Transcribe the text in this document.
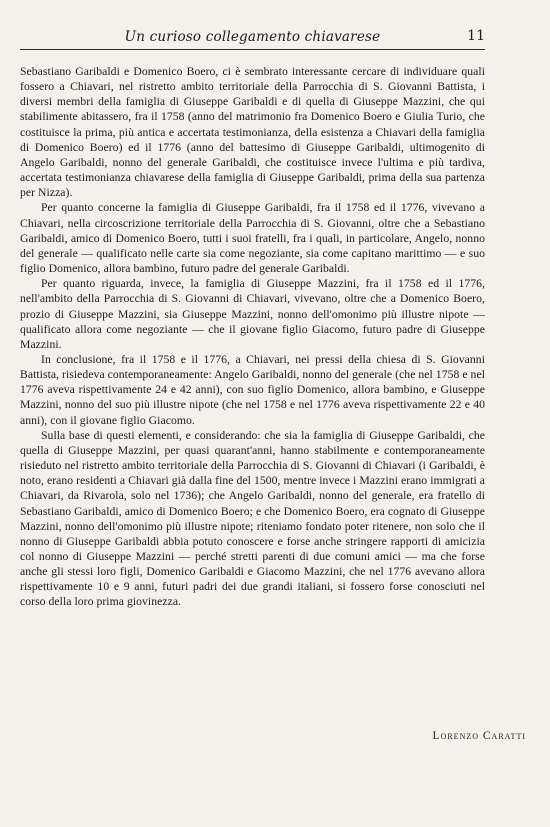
Un curioso collegamento chiavarese	11

Sebastiano Garibaldi e Domenico Boero, ci è sembrato interessante cercare di individuare quali fossero a Chiavari, nel ristretto ambito territoriale della Parrocchia di S. Giovanni Battista, i diversi membri della famiglia di Giuseppe Garibaldi e di quella di Giuseppe Mazzini, che qui stabilimente abitassero, fra il 1758 (anno del matrimonio fra Domenico Boero e Giulia Turio, che costituisce la prima, più antica e accertata testimonianza, della esistenza a Chiavari della famiglia di Domenico Boero) ed il 1776 (anno del battesimo di Giuseppe Garibaldi, ultimogenito di Angelo Garibaldi, nonno del generale Garibaldi, che costituisce invece l'ultima e più tardiva, accertata testimonianza chiavarese della famiglia di Giuseppe Garibaldi, prima della sua partenza per Nizza).

Per quanto concerne la famiglia di Giuseppe Garibaldi, fra il 1758 ed il 1776, vivevano a Chiavari, nella circoscrizione territoriale della Parrocchia di S. Giovanni, oltre che a Sebastiano Garibaldi, amico di Domenico Boero, tutti i suoi fratelli, fra i quali, in particolare, Angelo, nonno del generale — qualificato nelle carte sia come negoziante, sia come capitano marittimo — e suo figlio Domenico, allora bambino, futuro padre del generale Garibaldi.

Per quanto riguarda, invece, la famiglia di Giuseppe Mazzini, fra il 1758 ed il 1776, nell'ambito della Parrocchia di S. Giovanni di Chiavari, vivevano, oltre che a Domenico Boero, prozio di Giuseppe Mazzini, sia Giuseppe Mazzini, nonno dell'omonimo più illustre nipote — qualificato allora come negoziante — che il giovane figlio Giacomo, futuro padre di Giuseppe Mazzini.

In conclusione, fra il 1758 e il 1776, a Chiavari, nei pressi della chiesa di S. Giovanni Battista, risiedeva contemporaneamente: Angelo Garibaldi, nonno del generale (che nel 1758 e nel 1776 aveva rispettivamente 24 e 42 anni), con suo figlio Domenico, allora bambino, e Giuseppe Mazzini, nonno del suo più illustre nipote (che nel 1758 e nel 1776 aveva rispettivamente 22 e 40 anni), con il giovane figlio Giacomo.

Sulla base di questi elementi, e considerando: che sia la famiglia di Giuseppe Garibaldi, che quella di Giuseppe Mazzini, per quasi quarant'anni, hanno stabilmente e contemporaneamente risieduto nel ristretto ambito territoriale della Parrocchia di S. Giovanni di Chiavari (i Garibaldi, è noto, erano residenti a Chiavari già dalla fine del 1500, mentre invece i Mazzini erano immigrati a Chiavari, da Rivarola, solo nel 1736); che Angelo Garibaldi, nonno del generale, era fratello di Sebastiano Garibaldi, amico di Domenico Boero; e che Domenico Boero, era cognato di Giuseppe Mazzini, nonno dell'omonimo più illustre nipote; riteniamo fondato poter ritenere, non solo che il nonno di Giuseppe Garibaldi abbia potuto conoscere e forse anche stringere rapporti di amicizia col nonno di Giuseppe Mazzini — perché stretti parenti di due comuni amici — ma che forse anche gli stessi loro figli, Domenico Garibaldi e Giacomo Mazzini, che nel 1776 avevano allora rispettivamente 10 e 9 anni, futuri padri dei due grandi italiani, si fossero forse conosciuti nel corso della loro prima giovinezza.

Lorenzo Caratti
